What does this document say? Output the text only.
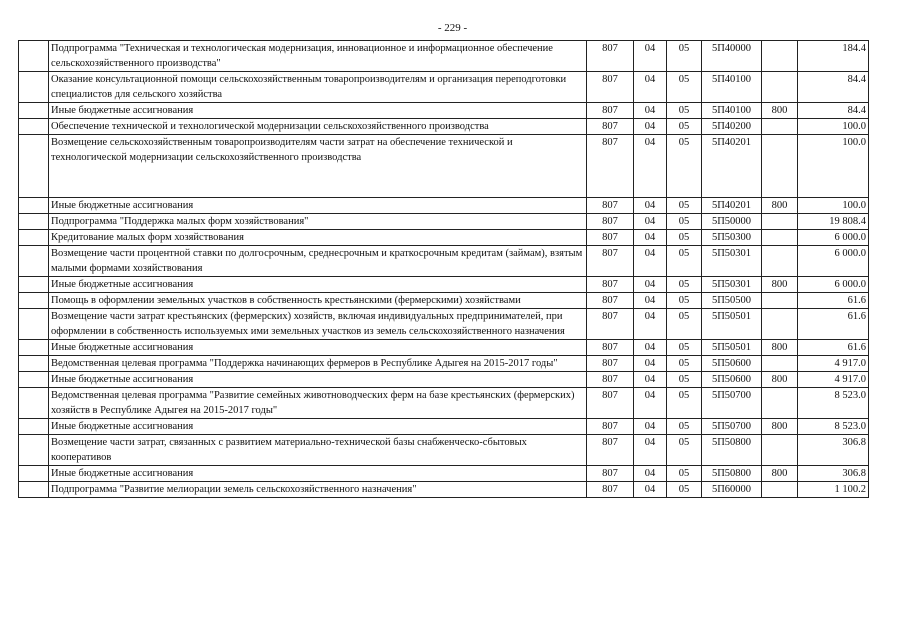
- 229 -
	Подпрограмма "Техническая и технологическая модернизация, инновационное и информационное обеспечение сельскохозяйственного производства"	807	04	05	5П40000		184.4
	Оказание консультационной помощи сельскохозяйственным товаропроизводителям и организация переподготовки специалистов для сельского хозяйства	807	04	05	5П40100		84.4
	Иные бюджетные ассигнования	807	04	05	5П40100	800	84.4
	Обеспечение технической и технологической модернизации сельскохозяйственного производства	807	04	05	5П40200		100.0
	Возмещение сельскохозяйственным товаропроизводителям части затрат на обеспечение технической и технологической модернизации сельскохозяйственного производства	807	04	05	5П40201		100.0
	Иные бюджетные ассигнования	807	04	05	5П40201	800	100.0
	Подпрограмма "Поддержка малых форм хозяйствования"	807	04	05	5П50000		19 808.4
	Кредитование малых форм хозяйствования	807	04	05	5П50300		6 000.0
	Возмещение части процентной ставки по долгосрочным, среднесрочным и краткосрочным кредитам (займам), взятым малыми формами хозяйствования	807	04	05	5П50301		6 000.0
	Иные бюджетные ассигнования	807	04	05	5П50301	800	6 000.0
	Помощь в оформлении земельных участков в собственность крестьянскими (фермерскими) хозяйствами	807	04	05	5П50500		61.6
	Возмещение части затрат крестьянских (фермерских) хозяйств, включая индивидуальных предпринимателей, при оформлении в собственность используемых ими земельных участков из земель сельскохозяйственного назначения	807	04	05	5П50501		61.6
	Иные бюджетные ассигнования	807	04	05	5П50501	800	61.6
	Ведомственная целевая программа "Поддержка начинающих фермеров в Республике Адыгея на 2015-2017 годы"	807	04	05	5П50600		4 917.0
	Иные бюджетные ассигнования	807	04	05	5П50600	800	4 917.0
	Ведомственная целевая программа "Развитие семейных животноводческих ферм на базе крестьянских (фермерских) хозяйств в Республике Адыгея на 2015-2017 годы"	807	04	05	5П50700		8 523.0
	Иные бюджетные ассигнования	807	04	05	5П50700	800	8 523.0
	Возмещение части затрат, связанных с развитием материально-технической базы снабженческо-сбытовых кооперативов	807	04	05	5П50800		306.8
	Иные бюджетные ассигнования	807	04	05	5П50800	800	306.8
	Подпрограмма "Развитие мелиорации земель сельскохозяйственного назначения"	807	04	05	5П60000		1 100.2
